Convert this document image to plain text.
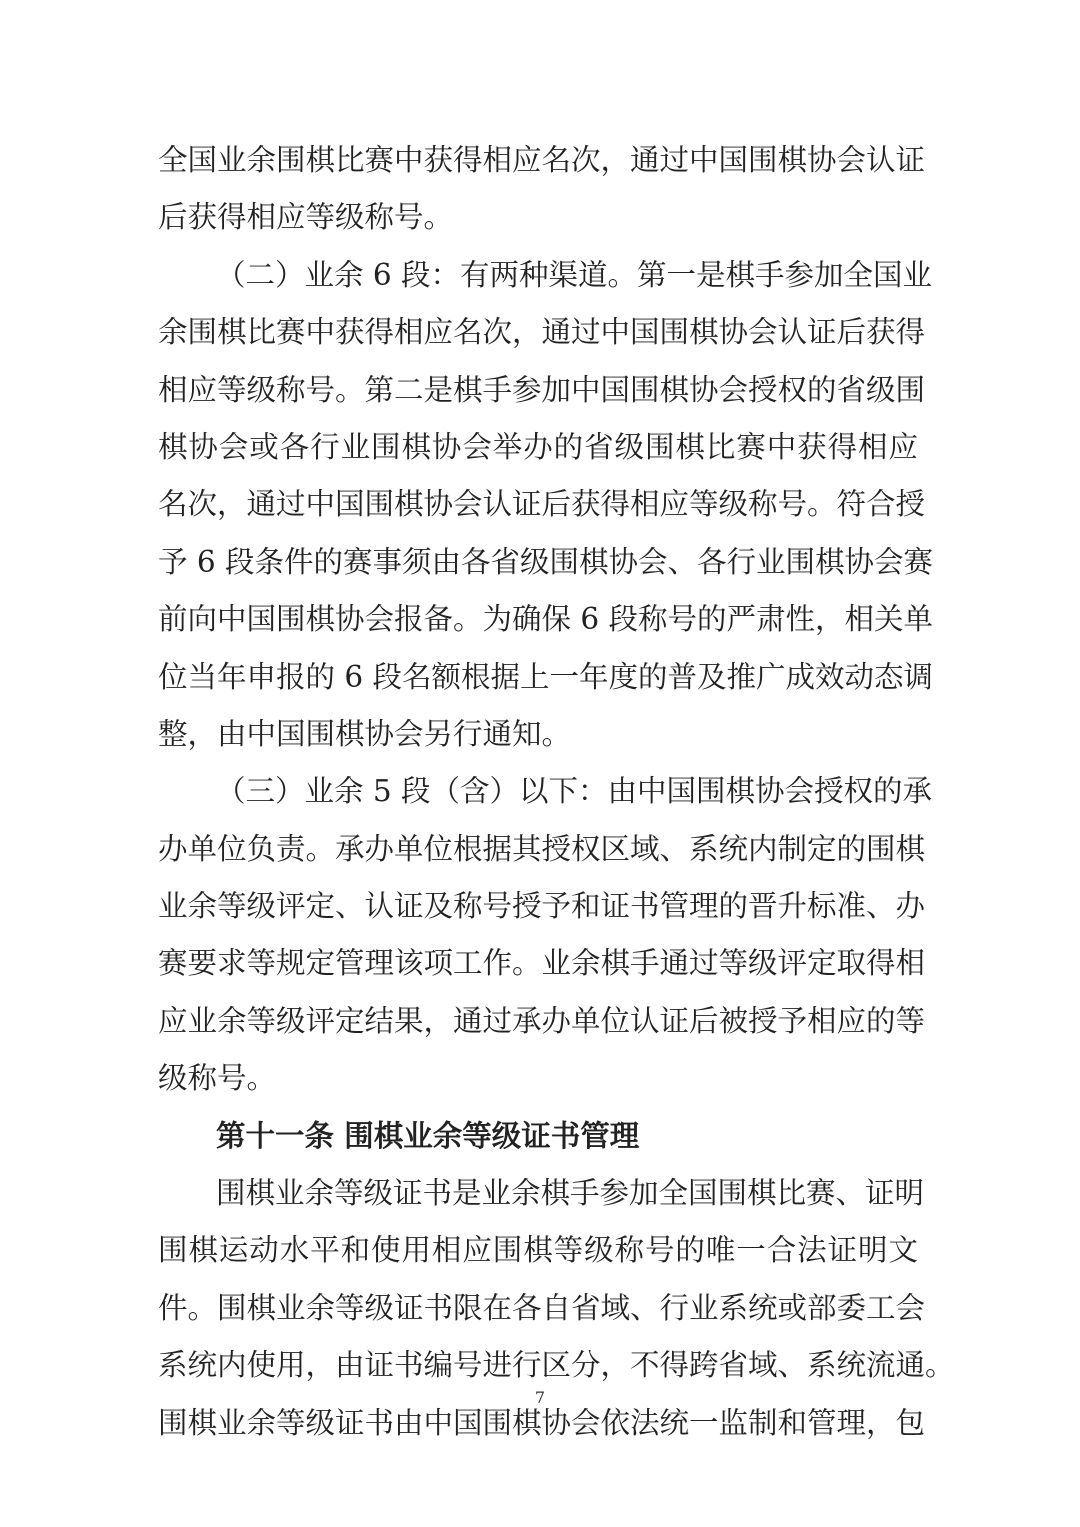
全国业余围棋比赛中获得相应名次，通过中国围棋协会认证
后获得相应等级称号。
（二）业余 6 段：有两种渠道。第一是棋手参加全国业
余围棋比赛中获得相应名次，通过中国围棋协会认证后获得
相应等级称号。第二是棋手参加中国围棋协会授权的省级围
棋协会或各行业围棋协会举办的省级围棋比赛中获得相应
名次，通过中国围棋协会认证后获得相应等级称号。符合授
予 6 段条件的赛事须由各省级围棋协会、各行业围棋协会赛
前向中国围棋协会报备。为确保 6 段称号的严肃性，相关单
位当年申报的 6 段名额根据上一年度的普及推广成效动态调
整，由中国围棋协会另行通知。
（三）业余 5 段（含）以下：由中国围棋协会授权的承
办单位负责。承办单位根据其授权区域、系统内制定的围棋
业余等级评定、认证及称号授予和证书管理的晋升标准、办
赛要求等规定管理该项工作。业余棋手通过等级评定取得相
应业余等级评定结果，通过承办单位认证后被授予相应的等
级称号。
第十一条 围棋业余等级证书管理
围棋业余等级证书是业余棋手参加全国围棋比赛、证明
围棋运动水平和使用相应围棋等级称号的唯一合法证明文
件。围棋业余等级证书限在各自省域、行业系统或部委工会
系统内使用，由证书编号进行区分，不得跨省域、系统流通。
围棋业余等级证书由中国围棋协会依法统一监制和管理，包
7
